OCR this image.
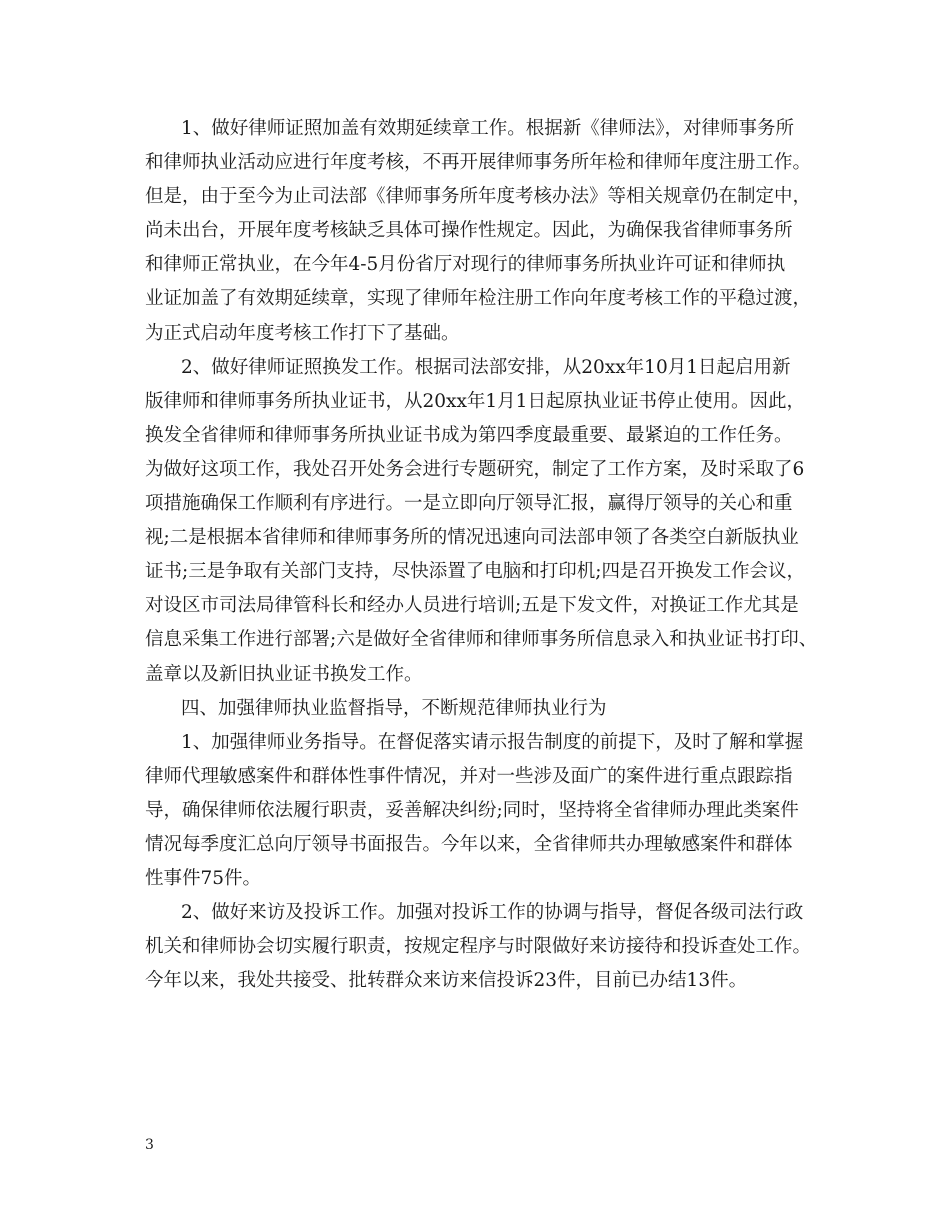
1、做好律师证照加盖有效期延续章工作。根据新《律师法》，对律师事务所
和律师执业活动应进行年度考核，不再开展律师事务所年检和律师年度注册工作。
但是，由于至今为止司法部《律师事务所年度考核办法》等相关规章仍在制定中，
尚未出台，开展年度考核缺乏具体可操作性规定。因此，为确保我省律师事务所
和律师正常执业，在今年4-5月份省厅对现行的律师事务所执业许可证和律师执
业证加盖了有效期延续章，实现了律师年检注册工作向年度考核工作的平稳过渡，
为正式启动年度考核工作打下了基础。
2、做好律师证照换发工作。根据司法部安排，从20xx年10月1日起启用新
版律师和律师事务所执业证书，从20xx年1月1日起原执业证书停止使用。因此，
换发全省律师和律师事务所执业证书成为第四季度最重要、最紧迫的工作任务。
为做好这项工作，我处召开处务会进行专题研究，制定了工作方案，及时采取了6
项措施确保工作顺利有序进行。一是立即向厅领导汇报，赢得厅领导的关心和重
视;二是根据本省律师和律师事务所的情况迅速向司法部申领了各类空白新版执业
证书;三是争取有关部门支持，尽快添置了电脑和打印机;四是召开换发工作会议，
对设区市司法局律管科长和经办人员进行培训;五是下发文件，对换证工作尤其是
信息采集工作进行部署;六是做好全省律师和律师事务所信息录入和执业证书打印、
盖章以及新旧执业证书换发工作。
四、加强律师执业监督指导，不断规范律师执业行为
1、加强律师业务指导。在督促落实请示报告制度的前提下，及时了解和掌握
律师代理敏感案件和群体性事件情况，并对一些涉及面广的案件进行重点跟踪指
导，确保律师依法履行职责，妥善解决纠纷;同时，坚持将全省律师办理此类案件
情况每季度汇总向厅领导书面报告。今年以来，全省律师共办理敏感案件和群体
性事件75件。
2、做好来访及投诉工作。加强对投诉工作的协调与指导，督促各级司法行政
机关和律师协会切实履行职责，按规定程序与时限做好来访接待和投诉查处工作。
今年以来，我处共接受、批转群众来访来信投诉23件，目前已办结13件。
3
